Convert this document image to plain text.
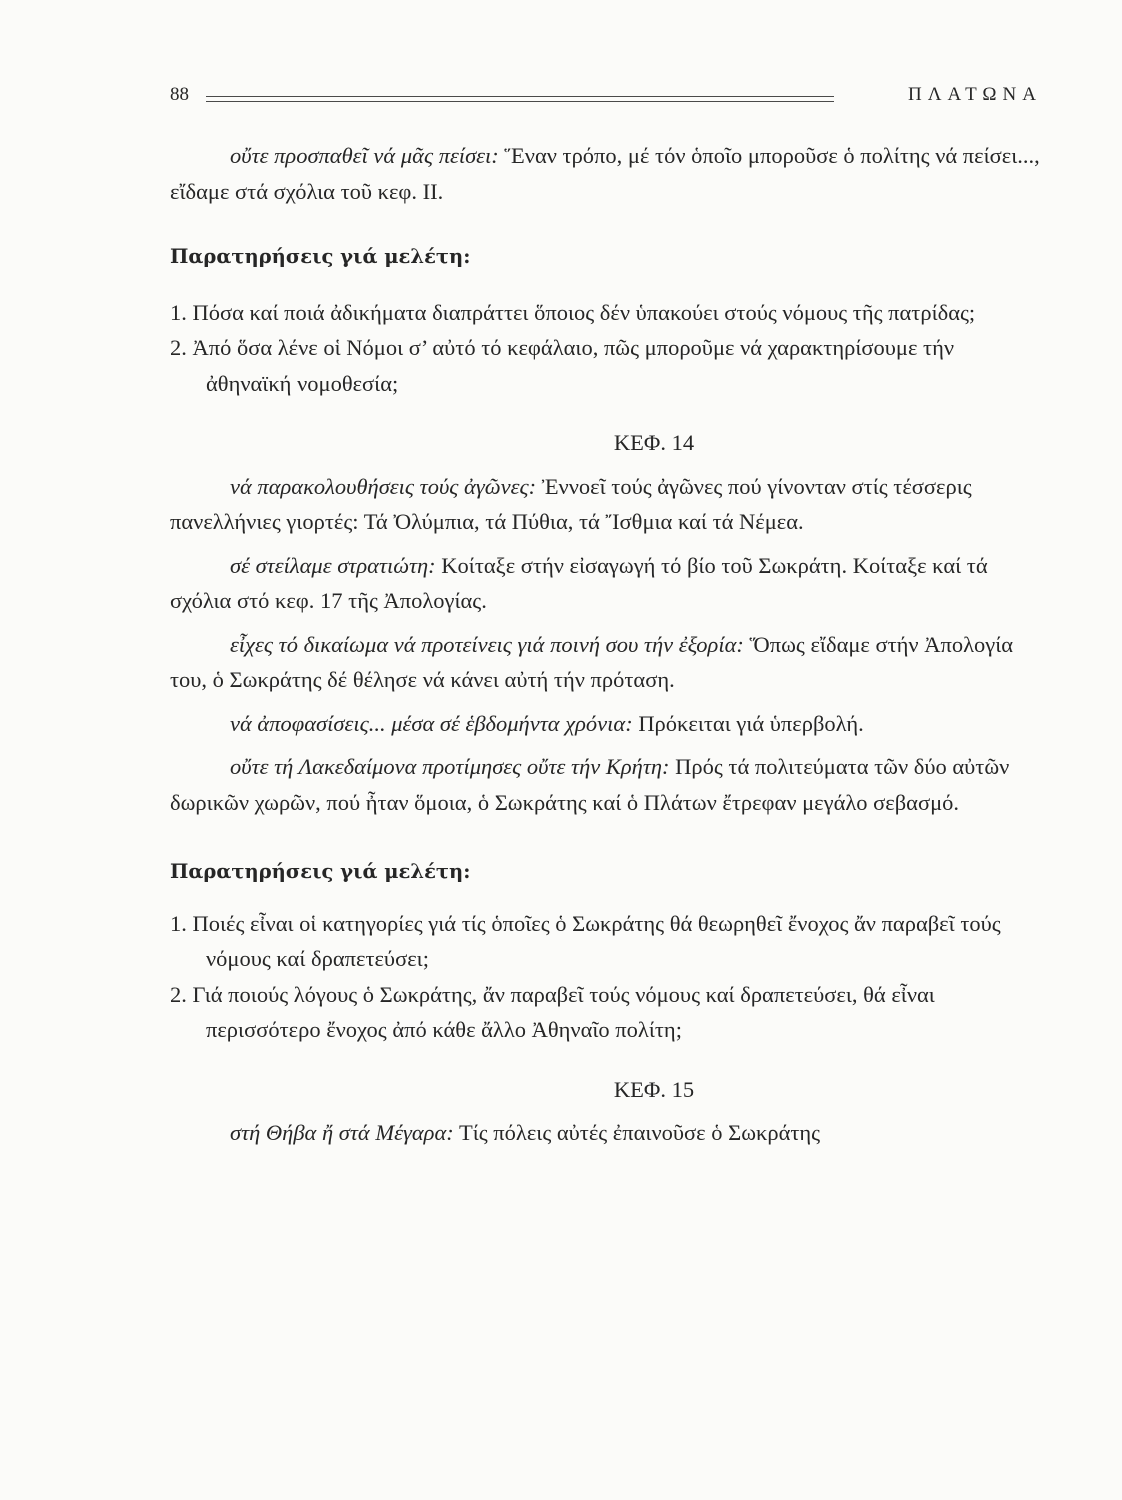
88	ΠΛΑΤΩΝΑ

οὔτε προσπαθεῖ νά μᾶς πείσει: Ἕναν τρόπο, μέ τόν ὁποῖο μποροῦσε ὁ πολίτης νά πείσει..., εἴδαμε στά σχόλια τοῦ κεφ. II.

Παρατηρήσεις γιά μελέτη:

1. Πόσα καί ποιά ἀδικήματα διαπράττει ὅποιος δέν ὑπακούει στούς νόμους τῆς πατρίδας;

2. Ἀπό ὅσα λένε οἱ Νόμοι σ’ αὐτό τό κεφάλαιο, πῶς μποροῦμε νά χαρακτηρίσουμε τήν ἀθηναϊκή νομοθεσία;

ΚΕΦ. 14

νά παρακολουθήσεις τούς ἀγῶνες: Ἐννοεῖ τούς ἀγῶνες πού γίνονταν στίς τέσσερις πανελλήνιες γιορτές: Τά Ὀλύμπια, τά Πύθια, τά Ἴσθμια καί τά Νέμεα.

σέ στείλαμε στρατιώτη: Κοίταξε στήν εἰσαγωγή τό βίο τοῦ Σωκράτη. Κοίταξε καί τά σχόλια στό κεφ. 17 τῆς Ἀπολογίας.

εἶχες τό δικαίωμα νά προτείνεις γιά ποινή σου τήν ἐξορία: Ὅπως εἴδαμε στήν Ἀπολογία του, ὁ Σωκράτης δέ θέλησε νά κάνει αὐτή τήν πρόταση.

νά ἀποφασίσεις... μέσα σέ ἑβδομήντα χρόνια: Πρόκειται γιά ὑπερβολή.

οὔτε τή Λακεδαίμονα προτίμησες οὔτε τήν Κρήτη: Πρός τά πολιτεύματα τῶν δύο αὐτῶν δωρικῶν χωρῶν, πού ἦταν ὅμοια, ὁ Σωκράτης καί ὁ Πλάτων ἔτρεφαν μεγάλο σεβασμό.

Παρατηρήσεις γιά μελέτη:

1. Ποιές εἶναι οἱ κατηγορίες γιά τίς ὁποῖες ὁ Σωκράτης θά θεωρηθεῖ ἔνοχος ἄν παραβεῖ τούς νόμους καί δραπετεύσει;

2. Γιά ποιούς λόγους ὁ Σωκράτης, ἄν παραβεῖ τούς νόμους καί δραπετεύσει, θά εἶναι περισσότερο ἔνοχος ἀπό κάθε ἄλλο Ἀθηναῖο πολίτη;

ΚΕΦ. 15

στή Θήβα ἤ στά Μέγαρα: Τίς πόλεις αὐτές ἐπαινοῦσε ὁ Σωκράτης
